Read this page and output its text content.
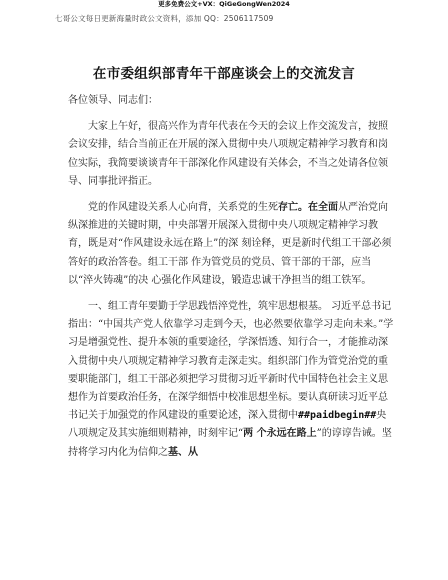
更多免费公文+VX：QiGeGongWen2024
七哥公文每日更新海量时政公文资料，添加 QQ：2506117509
在市委组织部青年干部座谈会上的交流发言

各位领导、同志们：

大家上午好，很高兴作为青年代表在今天的会议上作交流发言，按照会议安排，结合当前正在开展的深入贯彻中央八项规定精神学习教育和岗位实际，我简要谈谈青年干部深化作风建设有关体会，不当之处请各位领导、同事批评指正。

党的作风建设关系人心向背，关系党的生死存亡。在全面从严治党向纵深推进的关键时期，中央部署开展深入贯彻中央八项规定精神学习教育，既是对“作风建设永远在路上”的深 刻诠释，更是新时代组工干部必须答好的政治答卷。组工干部 作为管党员的党员、管干部的干部，应当以“淬火铸魂”的决 心强化作风建设，锻造忠诚干净担当的组工铁军。

一、组工青年要勤于学思践悟淬党性，筑牢思想根基。 习近平总书记指出：“中国共产党人依靠学习走到今天，也必然要依靠学习走向未来。”学习是增强党性、提升本领的重要途径，学深悟透、知行合一，才能推动深入贯彻中央八项规定精神学习教育走深走实。组织部门作为管党治党的重要职能部门，组工干部必须把学习贯彻习近平新时代中国特色社会主义思想作为首要政治任务，在深学细悟中校准思想坐标。要认真研读习近平总书记关于加强党的作风建设的重要论述，深入贯彻中##paidbegin##央八项规定及其实施细则精神，时刻牢记“两 个永远在路上”的谆谆告诫。坚持将学习内化为信仰之基、从
